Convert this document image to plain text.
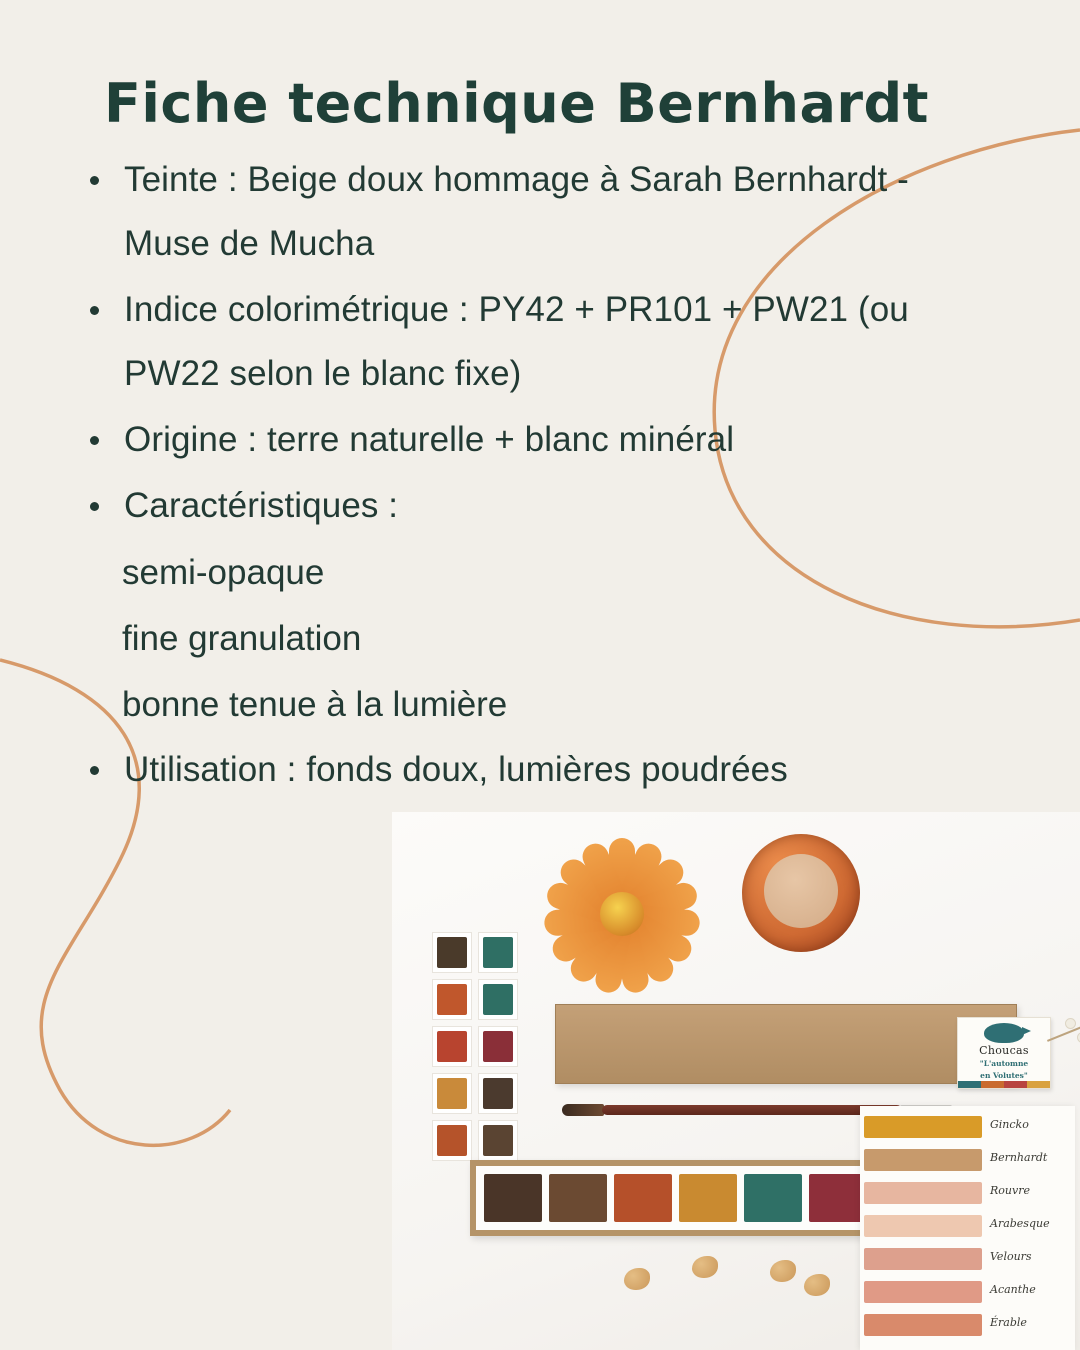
Fiche technique Bernhardt
Teinte : Beige doux hommage à Sarah Bernhardt - Muse de Mucha
Indice colorimétrique : PY42 + PR101 + PW21 (ou PW22 selon le blanc fixe)
Origine : terre naturelle + blanc minéral
Caractéristiques :
semi-opaque
fine granulation
bonne tenue à la lumière
Utilisation : fonds doux, lumières poudrées
Choucas
"L'automne
en Volutes"
Gincko
Bernhardt
Rouvre
Arabesque
Velours
Acanthe
Érable
